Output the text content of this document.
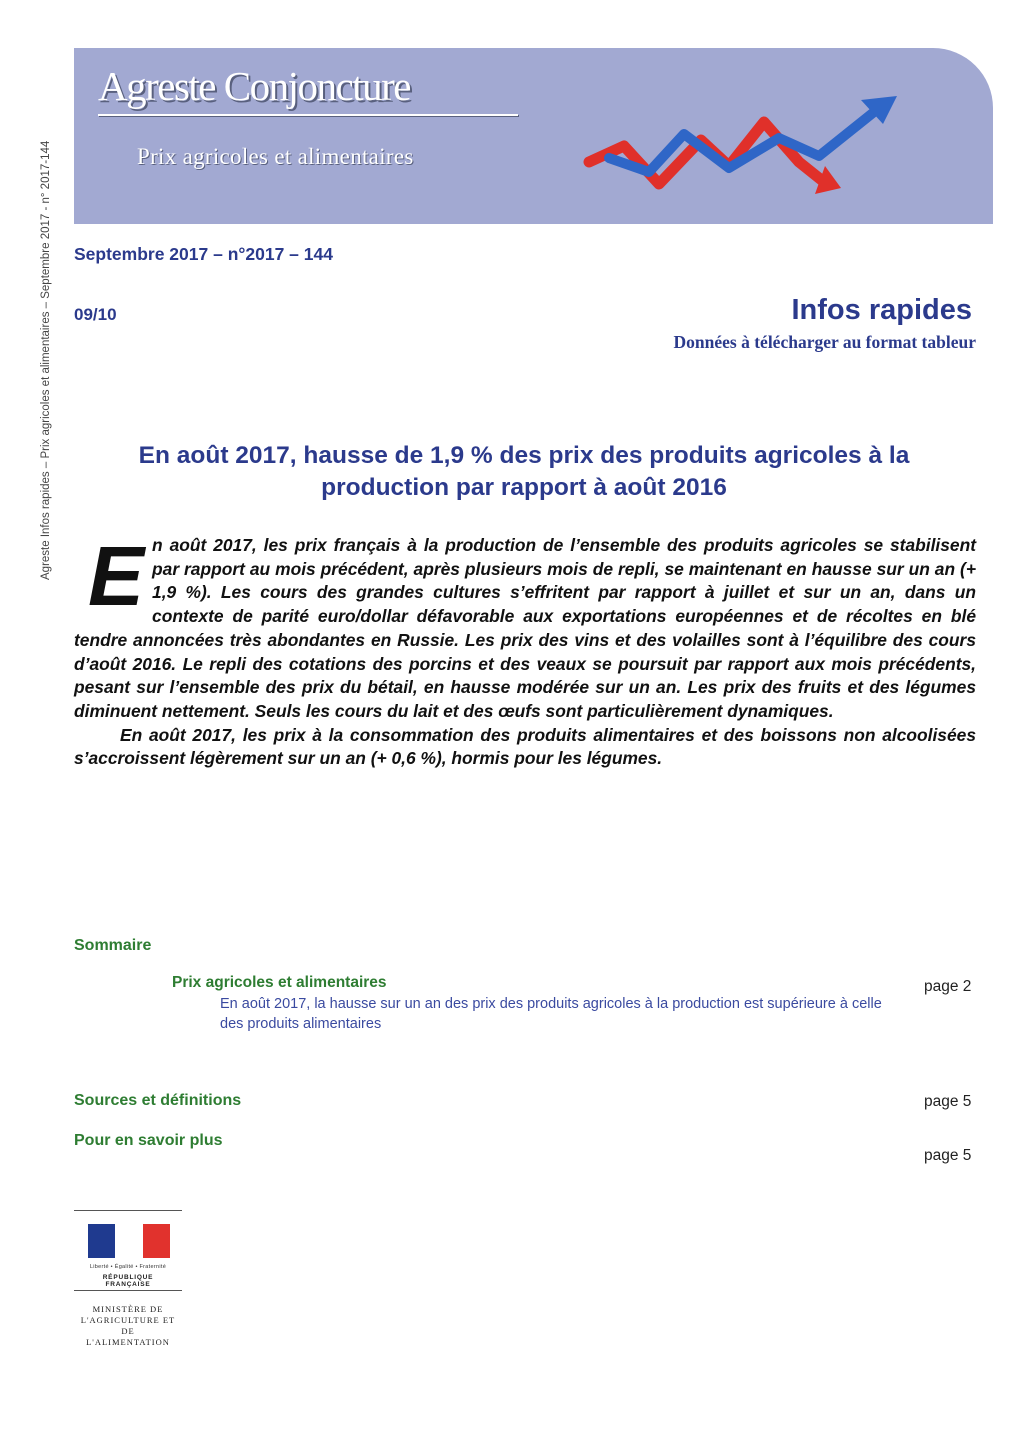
Agreste Infos rapides – Prix agricoles et alimentaires – Septembre 2017 - n° 2017-144
Agreste Conjoncture
Prix agricoles et alimentaires
Septembre 2017 – n°2017 – 144
09/10	Infos rapides
Données à télécharger au format tableur
En août 2017, hausse de 1,9 % des prix des produits agricoles à la
production par rapport à août 2016
E n août 2017, les prix français à la production de l’ensemble des produits agricoles se stabilisent par rapport au mois précédent, après plusieurs mois de repli, se maintenant en hausse sur un an (+ 1,9 %). Les cours des grandes cultures s’effritent par rapport à juillet et sur un an, dans un contexte de parité euro/dollar défavorable aux exportations européennes et de récoltes en blé tendre annoncées très abondantes en Russie. Les prix des vins et des volailles sont à l’équilibre des cours d’août 2016. Le repli des cotations des porcins et des veaux se poursuit par rapport aux mois précédents, pesant sur l’ensemble des prix du bétail, en hausse modérée sur un an. Les prix des fruits et des légumes diminuent nettement. Seuls les cours du lait et des œufs sont particulièrement dynamiques.

En août 2017, les prix à la consommation des produits alimentaires et des boissons non alcoolisées s’accroissent légèrement sur un an (+ 0,6 %), hormis pour les légumes.

Sommaire
Prix agricoles et alimentaires
En août 2017, la hausse sur un an des prix des produits agricoles à la production est supérieure à celle des produits alimentaires
page 2
Sources et définitions	page 5
Pour en savoir plus
page 5
Liberté • Égalité • Fraternité
RÉPUBLIQUE FRANÇAISE
MINISTÈRE DE L'AGRICULTURE ET DE L'ALIMENTATION
